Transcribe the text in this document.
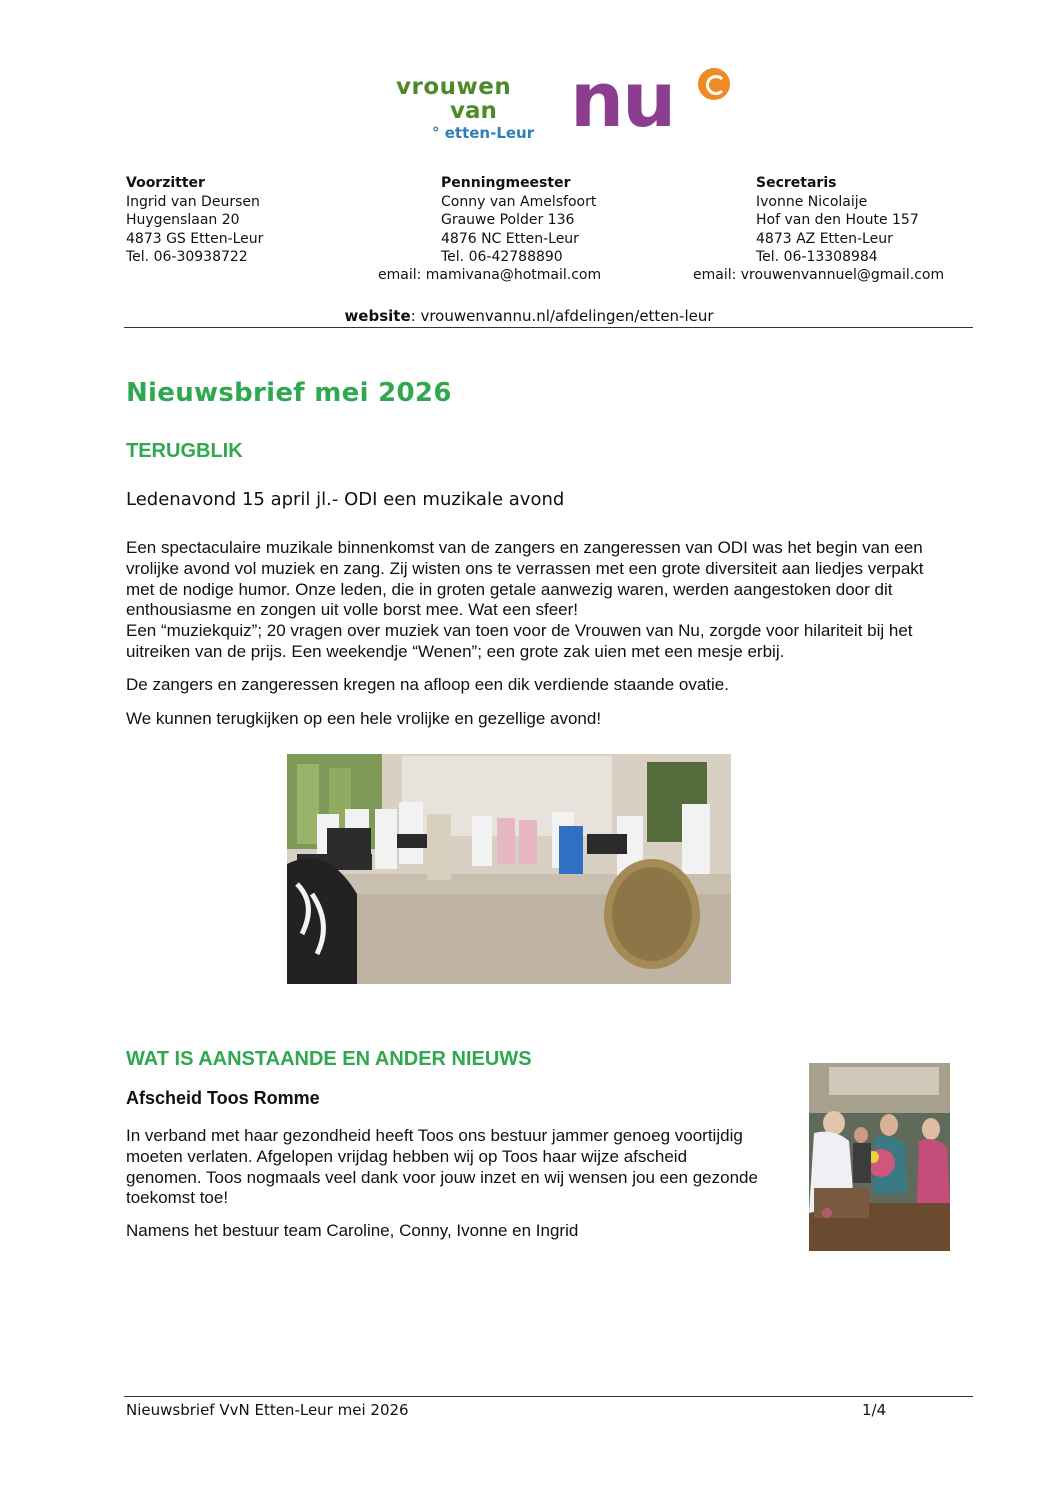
vrouwen
van nu
° etten-Leur
Voorzitter
Ingrid van Deursen
Huygenslaan 20
4873 GS Etten-Leur
Tel. 06-30938722
Penningmeester
Conny van Amelsfoort
Grauwe Polder 136
4876 NC Etten-Leur
Tel. 06-42788890
Secretaris
Ivonne Nicolaije
Hof van den Houte 157
4873 AZ Etten-Leur
Tel. 06-13308984
email: mamivana@hotmail.com	email: vrouwenvannuel@gmail.com
website: vrouwenvannu.nl/afdelingen/etten-leur
Nieuwsbrief mei 2026
TERUGBLIK
Ledenavond 15 april jl.- ODI een muzikale avond
Een spectaculaire muzikale binnenkomst van de zangers en zangeressen van ODI was het begin van een
vrolijke avond vol muziek en zang. Zij wisten ons te verrassen met een grote diversiteit aan liedjes verpakt
met de nodige humor. Onze leden, die in groten getale aanwezig waren, werden aangestoken door dit
enthousiasme en zongen uit volle borst mee. Wat een sfeer!
Een “muziekquiz”; 20 vragen over muziek van toen voor de Vrouwen van Nu, zorgde voor hilariteit bij het
uitreiken van de prijs. Een weekendje “Wenen”; een grote zak uien met een mesje erbij.
De zangers en zangeressen kregen na afloop een dik verdiende staande ovatie.
We kunnen terugkijken op een hele vrolijke en gezellige avond!
WAT IS AANSTAANDE EN ANDER NIEUWS
Afscheid Toos Romme
In verband met haar gezondheid heeft Toos ons bestuur jammer genoeg voortijdig
moeten verlaten. Afgelopen vrijdag hebben wij op Toos haar wijze afscheid
genomen. Toos nogmaals veel dank voor jouw inzet en wij wensen jou een gezonde
toekomst toe!
Namens het bestuur team Caroline, Conny, Ivonne en Ingrid
Nieuwsbrief VvN Etten-Leur mei 2026	1/4
